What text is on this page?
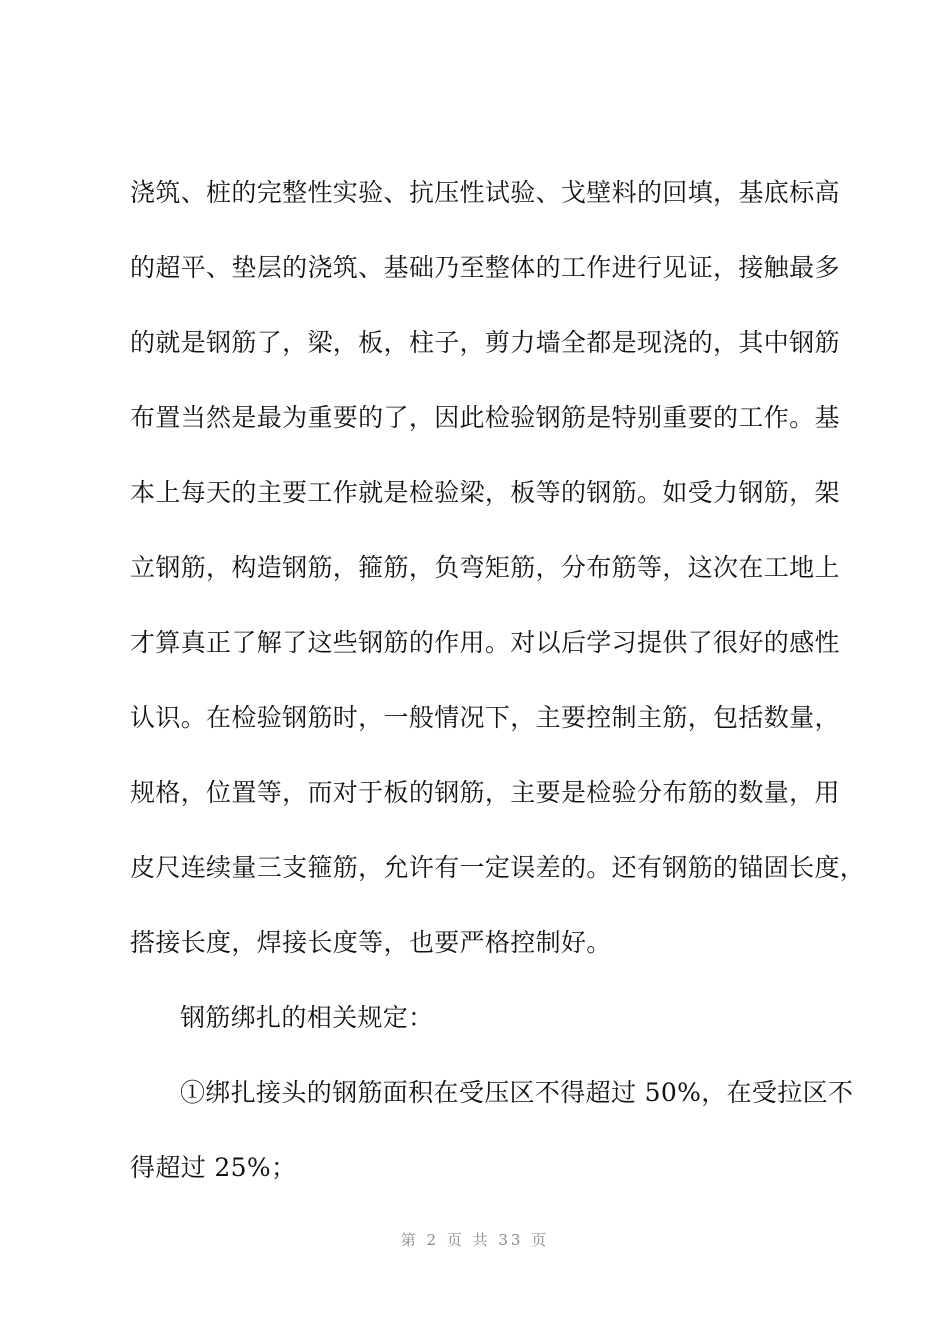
浇筑、桩的完整性实验、抗压性试验、戈壁料的回填，基底标高
的超平、垫层的浇筑、基础乃至整体的工作进行见证，接触最多
的就是钢筋了，梁，板，柱子，剪力墙全都是现浇的，其中钢筋
布置当然是最为重要的了，因此检验钢筋是特别重要的工作。基
本上每天的主要工作就是检验梁，板等的钢筋。如受力钢筋，架
立钢筋，构造钢筋，箍筋，负弯矩筋，分布筋等，这次在工地上
才算真正了解了这些钢筋的作用。对以后学习提供了很好的感性
认识。在检验钢筋时，一般情况下，主要控制主筋，包括数量，
规格，位置等，而对于板的钢筋，主要是检验分布筋的数量，用
皮尺连续量三支箍筋，允许有一定误差的。还有钢筋的锚固长度，
搭接长度，焊接长度等，也要严格控制好。
钢筋绑扎的相关规定：
①绑扎接头的钢筋面积在受压区不得超过 50%，在受拉区不
得超过 25%；
第 2 页 共 33 页
